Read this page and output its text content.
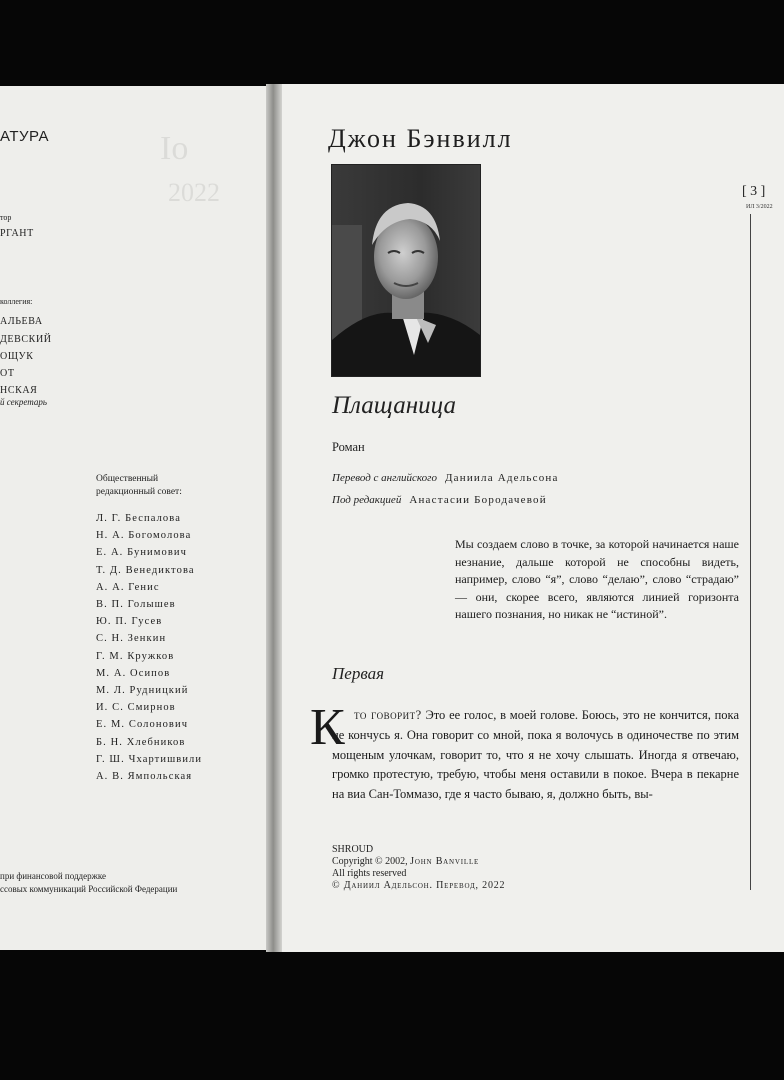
Io
2022
АТУРА
тор
РГАНТ
коллегия:
АЛЬЕВА
ДЕВСКИЙ
ОЩУК
ОТ
НСКАЯ
й секретарь
Общественный
редакционный совет:
Л. Г. Беспалова
Н. А. Богомолова
Е. А. Бунимович
Т. Д. Венедиктова
А. А. Генис
В. П. Голышев
Ю. П. Гусев
С. Н. Зенкин
Г. М. Кружков
М. А. Осипов
М. Л. Рудницкий
И. С. Смирнов
Е. М. Солонович
Б. Н. Хлебников
Г. Ш. Чхартишвили
А. В. Ямпольская
при финансовой поддержке
ссовых коммуникаций Российской Федерации
Джон Бэнвилл
[ 3 ]
ИЛ 3/2022
Плащаница
Роман
Перевод с английского Даниила Адельсона
Под редакцией Анастасии Бородачевой
Мы создаем слово в точке, за которой начинается наше незнание, дальше которой не способны видеть, например, слово “я”, слово “делаю”, слово “страдаю” — они, скорее всего, являются линией горизонта нашего познания, но никак не “истиной”.
Первая
К то говорит? Это ее голос, в моей голове. Боюсь, это не кончится, пока не кончусь я. Она говорит со мной, пока я волочусь в одиночестве по этим мощеным улочкам, говорит то, что я не хочу слышать. Иногда я отвечаю, громко протестую, требую, чтобы меня оставили в покое. Вчера в пекарне на виа Сан-Томмазо, где я часто бываю, я, должно быть, вы-
SHROUD
Copyright © 2002, John Banville
All rights reserved
© Даниил Адельсон. Перевод, 2022
